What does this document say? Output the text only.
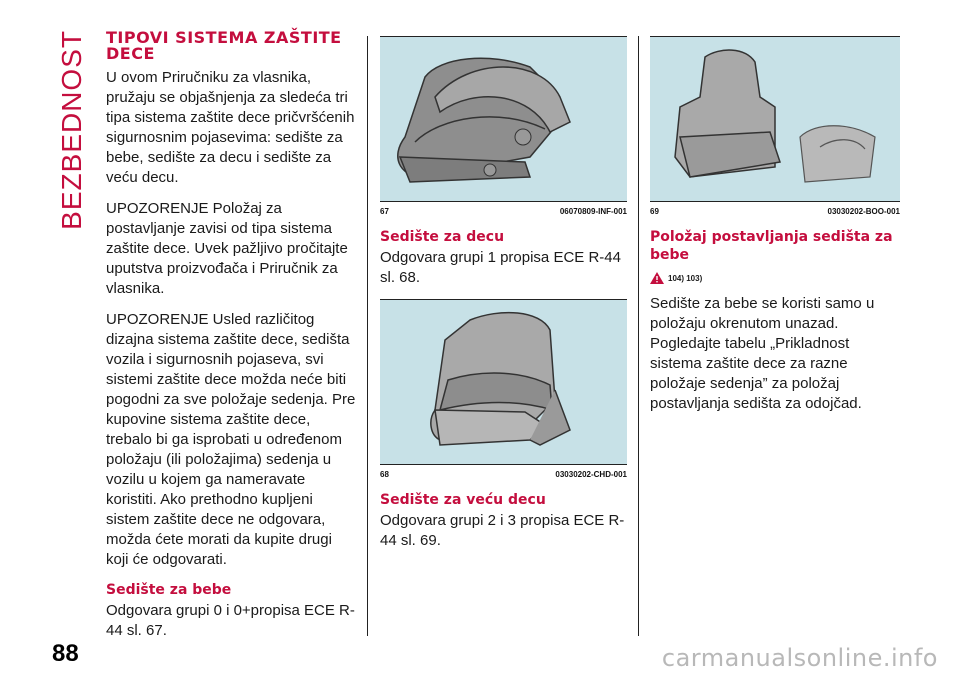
BEZBEDNOST TIPOVI SISTEMA ZAŠTITE
DECE

U ovom Priručniku za vlasnika, pružaju se objašnjenja za sledeća tri tipa sistema zaštite dece pričvršćenih sigurnosnim pojasevima: sedište za bebe, sedište za decu i sedište za veću decu.

UPOZORENJE Položaj za postavljanje zavisi od tipa sistema zaštite dece. Uvek pažljivo pročitajte uputstva proizvođača i Priručnik za vlasnika.

UPOZORENJE Usled različitog dizajna sistema zaštite dece, sedišta vozila i sigurnosnih pojaseva, svi sistemi zaštite dece možda neće biti pogodni za sve položaje sedenja. Pre kupovine sistema zaštite dece, trebalo bi ga isprobati u određenom položaju (ili položajima) sedenja u vozilu u kojem ga nameravate koristiti. Ako prethodno kupljeni sistem zaštite dece ne odgovara, možda ćete morati da kupite drugi koji će odgovarati.

Sedište za bebe

Odgovara grupi 0 i 0+propisa ECE R-44 sl. 67.

67	06070809-INF-001
Sedište za decu

Odgovara grupi 1 propisa ECE R-44 sl. 68.

68	03030202-CHD-001
Sedište za veću decu

Odgovara grupi 2 i 3 propisa ECE R-44 sl. 69.

69	03030202-BOO-001
Položaj postavljanja sedišta za bebe
104) 103)

Sedište za bebe se koristi samo u položaju okrenutom unazad. Pogledajte tabelu „Prikladnost sistema zaštite dece za razne položaje sedenja” za položaj postavljanja sedišta za odojčad.

88	carmanualsonline.info
